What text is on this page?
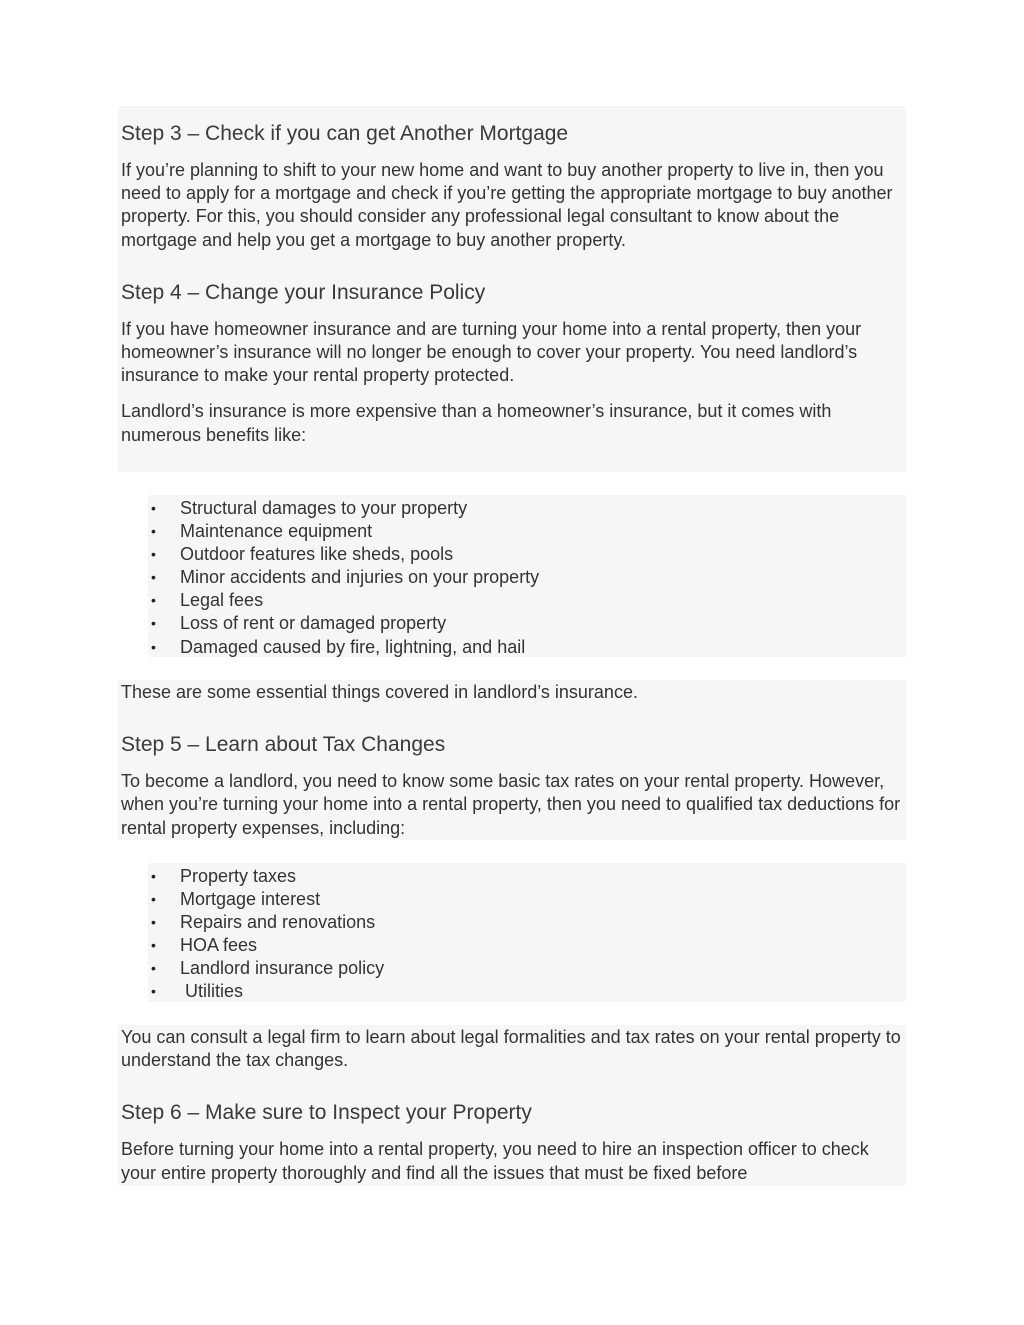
Step 3 – Check if you can get Another Mortgage

If you’re planning to shift to your new home and want to buy another property to live in, then you need to apply for a mortgage and check if you’re getting the appropriate mortgage to buy another property. For this, you should consider any professional legal consultant to know about the mortgage and help you get a mortgage to buy another property.

Step 4 – Change your Insurance Policy

If you have homeowner insurance and are turning your home into a rental property, then your homeowner’s insurance will no longer be enough to cover your property. You need landlord’s insurance to make your rental property protected.

Landlord’s insurance is more expensive than a homeowner’s insurance, but it comes with numerous benefits like:

• Structural damages to your property
• Maintenance equipment
• Outdoor features like sheds, pools
• Minor accidents and injuries on your property
• Legal fees
• Loss of rent or damaged property
• Damaged caused by fire, lightning, and hail

These are some essential things covered in landlord’s insurance.

Step 5 – Learn about Tax Changes

To become a landlord, you need to know some basic tax rates on your rental property. However, when you’re turning your home into a rental property, then you need to qualified tax deductions for rental property expenses, including:

• Property taxes
• Mortgage interest
• Repairs and renovations
• HOA fees
• Landlord insurance policy
•  Utilities

You can consult a legal firm to learn about legal formalities and tax rates on your rental property to understand the tax changes.

Step 6 – Make sure to Inspect your Property

Before turning your home into a rental property, you need to hire an inspection officer to check your entire property thoroughly and find all the issues that must be fixed before
